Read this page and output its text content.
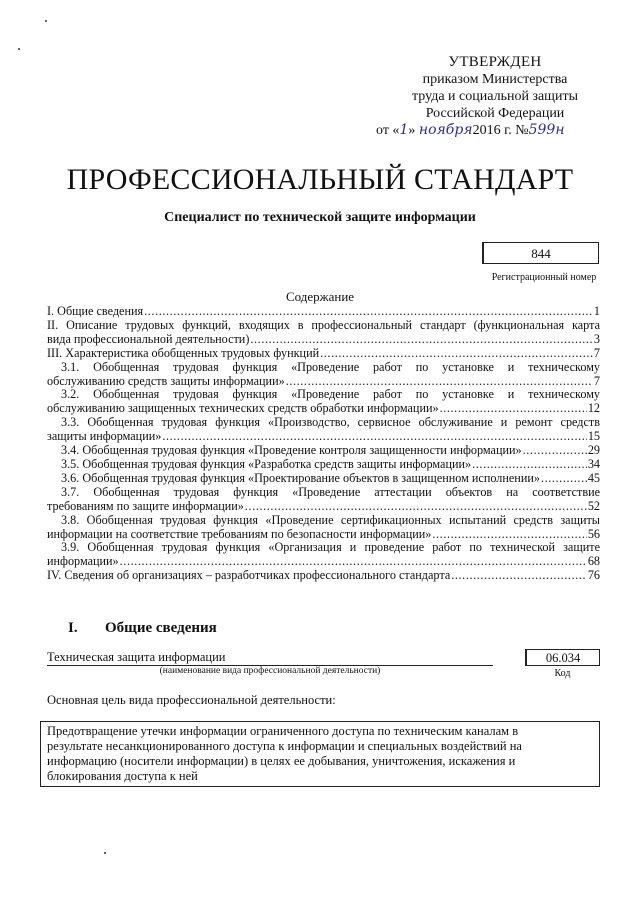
УТВЕРЖДЕН
приказом Министерства
труда и социальной защиты
Российской Федерации
от «1» ноября2016 г. №599н
ПРОФЕССИОНАЛЬНЫЙ СТАНДАРТ
Специалист по технической защите информации
844
Регистрационный номер
Содержание
I. Общие сведения .....	1
II. Описание трудовых функций, входящих в профессиональный стандарт (функциональная карта
вида профессиональной деятельности) .....	3
III. Характеристика обобщенных трудовых функций .....	7
3.1. Обобщенная трудовая функция «Проведение работ по установке и техническому
обслуживанию средств защиты информации» .....	7
3.2. Обобщенная трудовая функция «Проведение работ по установке и техническому
обслуживанию защищенных технических средств обработки информации» .....	12
3.3. Обобщенная трудовая функция «Производство, сервисное обслуживание и ремонт средств
защиты информации» .....	15
3.4. Обобщенная трудовая функция «Проведение контроля защищенности информации» .....	29
3.5. Обобщенная трудовая функция «Разработка средств защиты информации» .....	34
3.6. Обобщенная трудовая функция «Проектирование объектов в защищенном исполнении» .....	45
3.7. Обобщенная трудовая функция «Проведение аттестации объектов на соответствие
требованиям по защите информации» .....	52
3.8. Обобщенная трудовая функция «Проведение сертификационных испытаний средств защиты
информации на соответствие требованиям по безопасности информации» .....	56
3.9. Обобщенная трудовая функция «Организация и проведение работ по технической защите
информации» .....	68
IV. Сведения об организациях – разработчиках профессионального стандарта .....	76
I. Общие сведения
Техническая защита информации
(наименование вида профессиональной деятельности)
06.034
Код
Основная цель вида профессиональной деятельности:
Предотвращение утечки информации ограниченного доступа по техническим каналам в
результате несанкционированного доступа к информации и специальных воздействий на
информацию (носители информации) в целях ее добывания, уничтожения, искажения и
блокирования доступа к ней
